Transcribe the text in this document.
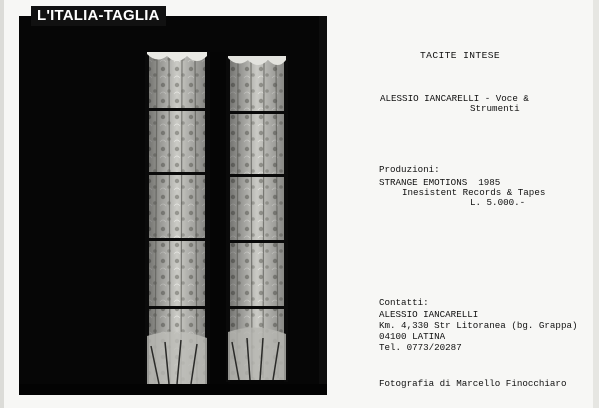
L'ITALIA-TAGLIA
TACITE INTESE
ALESSIO IANCARELLI - Voce &
Strumenti
Produzioni:
STRANGE EMOTIONS  1985
Inesistent Records & Tapes
L. 5.000.-
Contatti:
ALESSIO IANCARELLI
Km. 4,330 Str Litoranea (bg. Grappa)
04100 LATINA
Tel. 0773/20287
Fotografia di Marcello Finocchiaro
